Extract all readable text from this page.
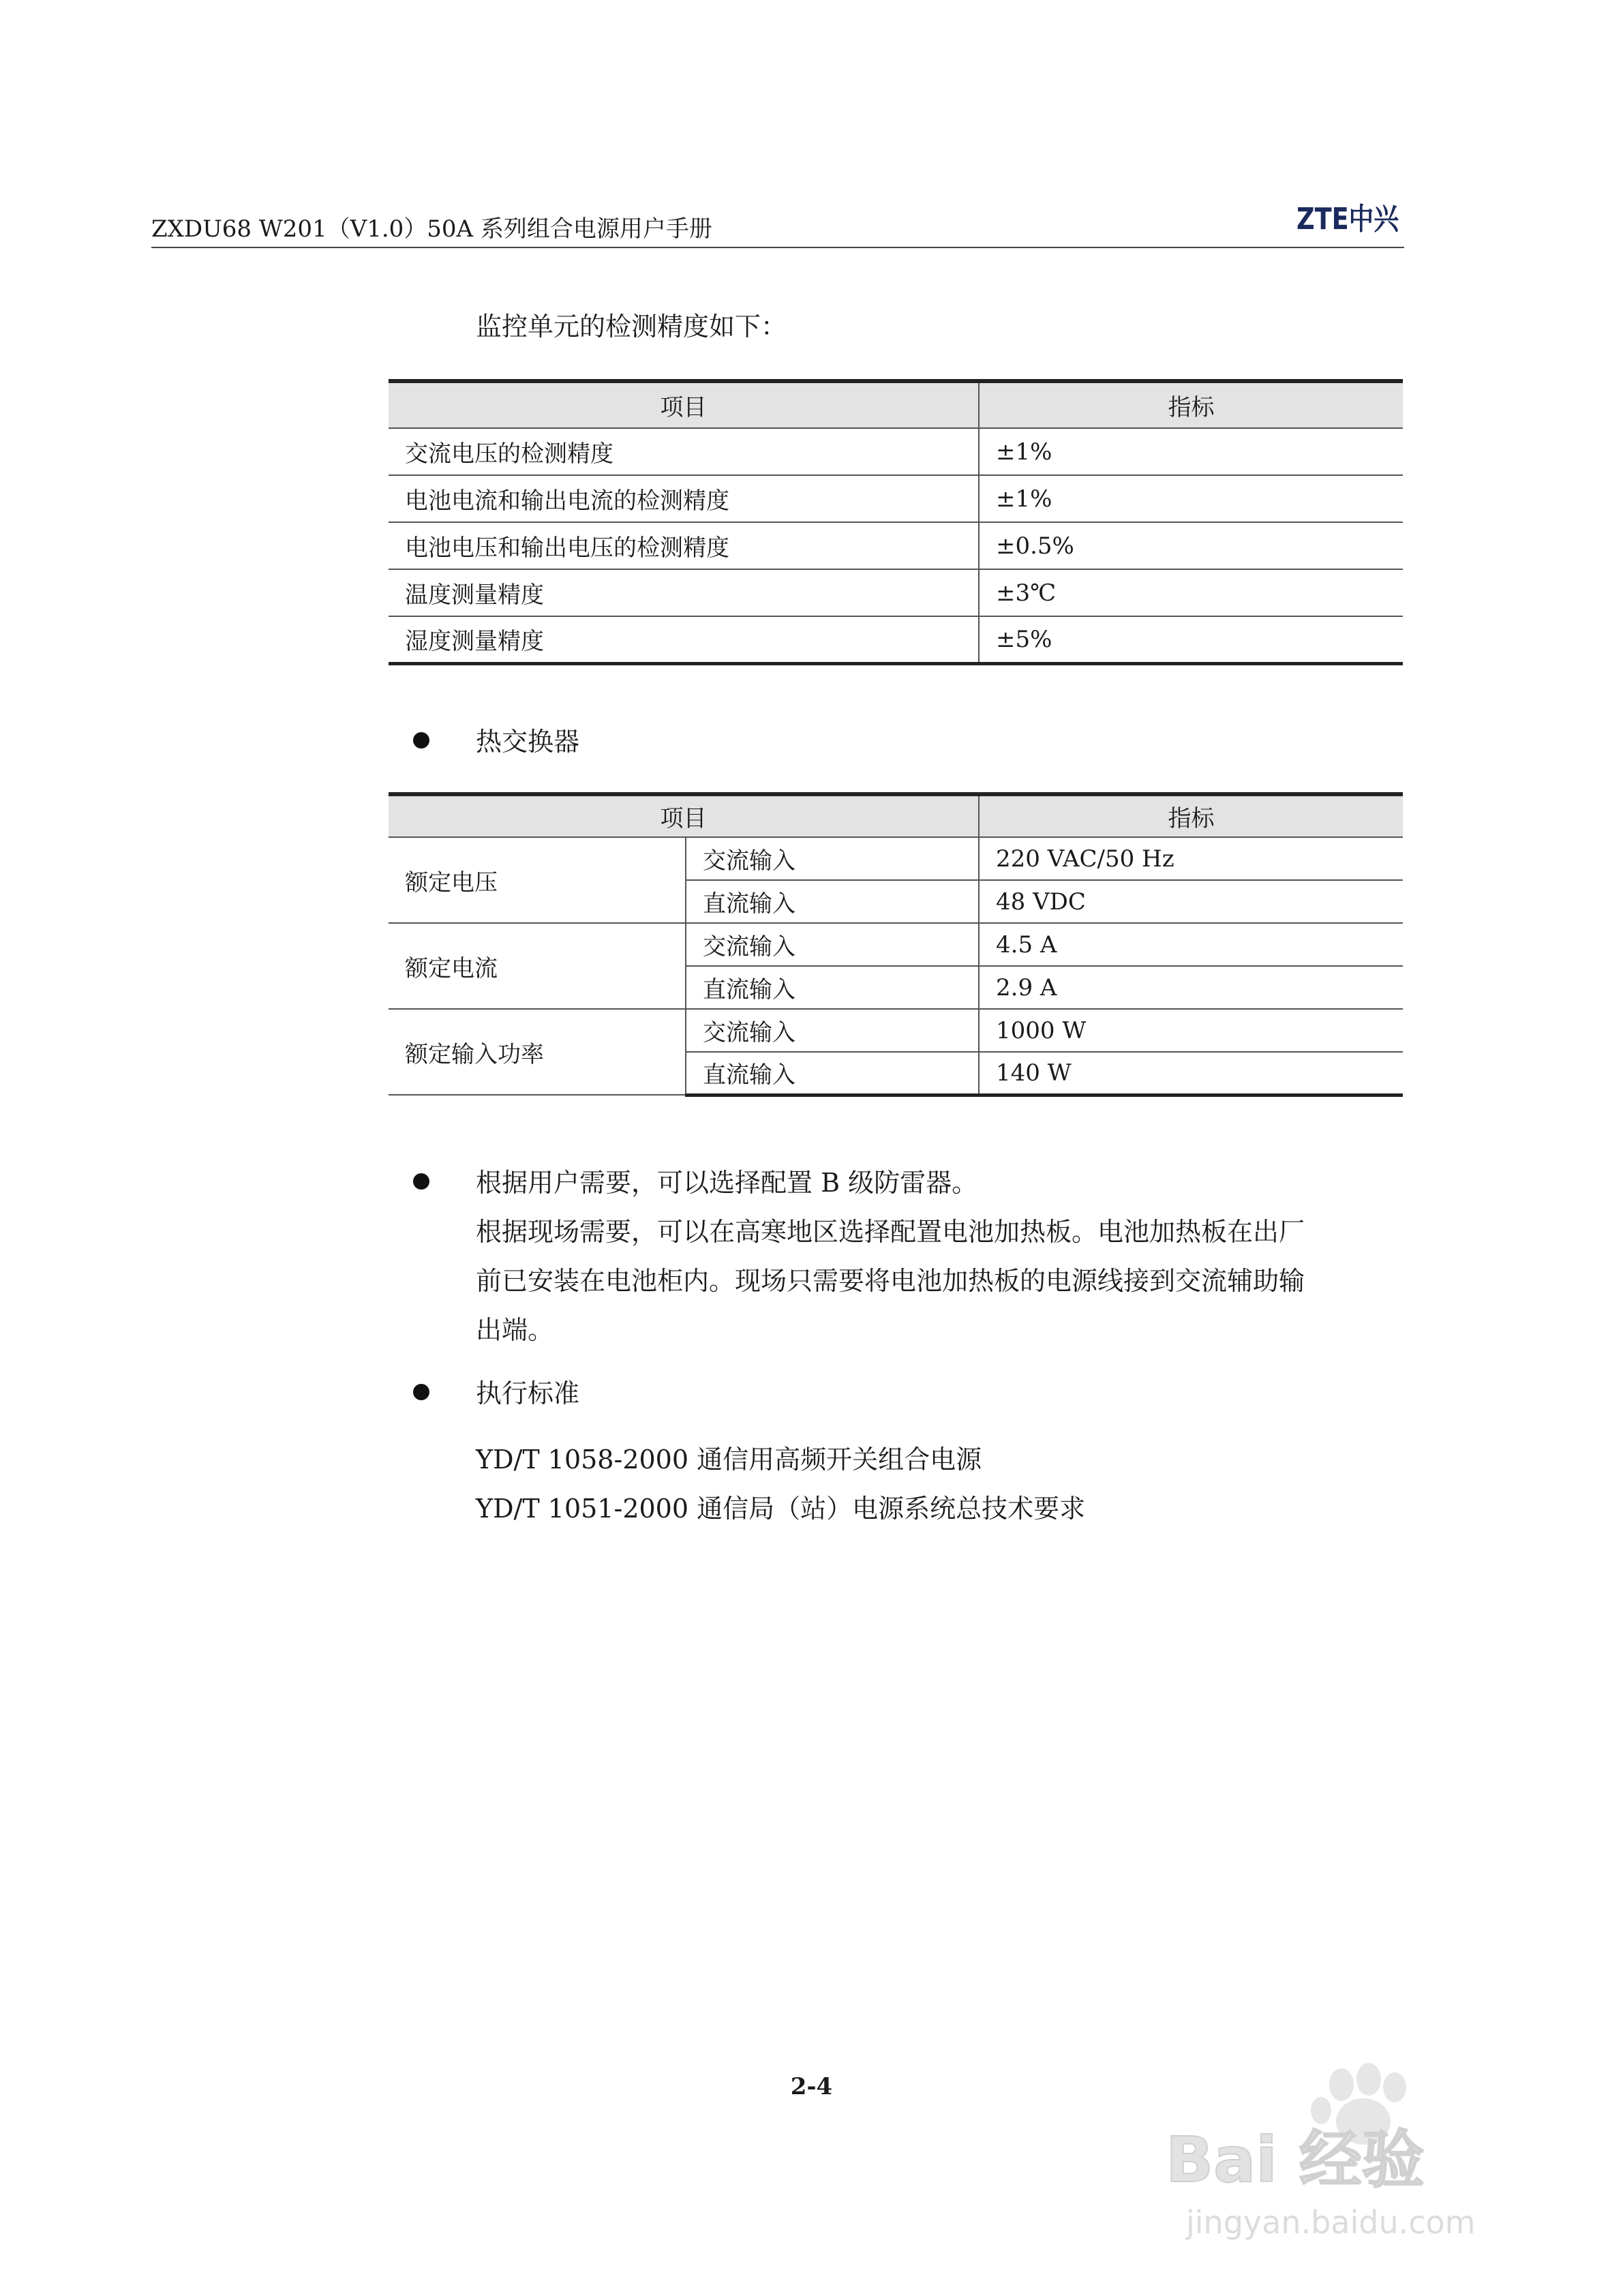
ZXDU68 W201（V1.0）50A 系列组合电源用户手册	ZTE中兴
监控单元的检测精度如下：
项目	指标
交流电压的检测精度	±1%
电池电流和输出电流的检测精度	±1%
电池电压和输出电压的检测精度	±0.5%
温度测量精度	±3℃
湿度测量精度	±5%
热交换器
项目		指标
额定电压	交流输入	220 VAC/50 Hz
	直流输入	48 VDC
额定电流	交流输入	4.5 A
	直流输入	2.9 A
额定输入功率	交流输入	1000 W
	直流输入	140 W
根据用户需要，可以选择配置 B 级防雷器。
根据现场需要，可以在高寒地区选择配置电池加热板。电池加热板在出厂
前已安装在电池柜内。现场只需要将电池加热板的电源线接到交流辅助输
出端。
执行标准
YD/T 1058-2000 通信用高频开关组合电源
YD/T 1051-2000 通信局（站）电源系统总技术要求
2-4
Bai 经验
jingyan.baidu.com
